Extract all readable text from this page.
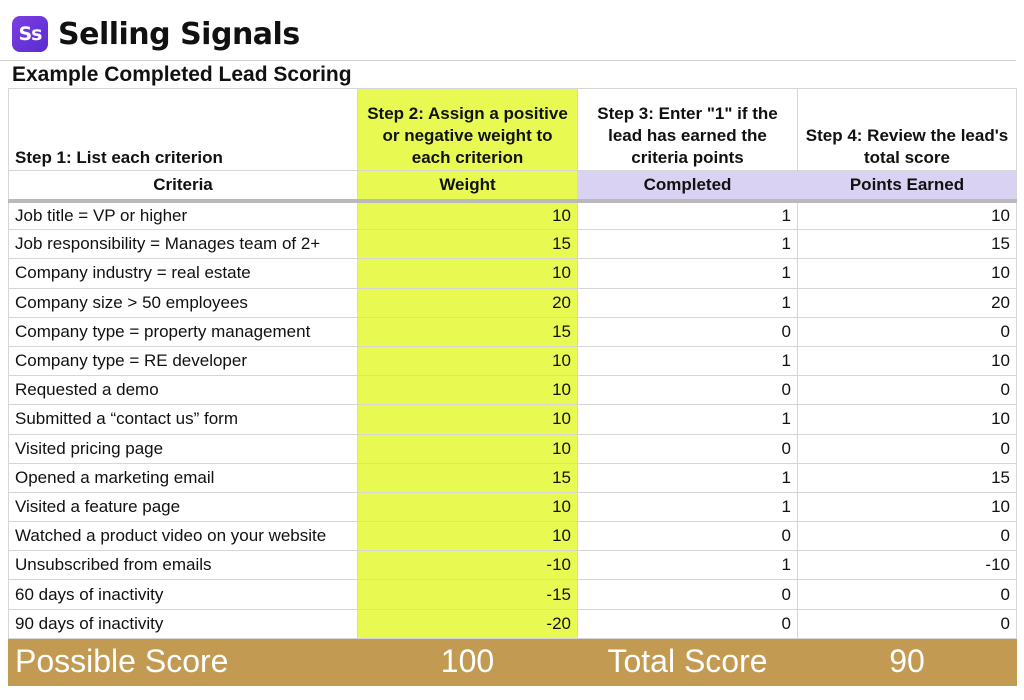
Ss Selling Signals
Example Completed Lead Scoring
Step 1: List each criterion	Step 2: Assign a positive or negative weight to each criterion	Step 3: Enter "1" if the lead has earned the criteria points	Step 4: Review the lead's total score
Criteria	Weight	Completed	Points Earned
Job title = VP or higher	10	1	10
Job responsibility = Manages team of 2+	15	1	15
Company industry = real estate	10	1	10
Company size > 50 employees	20	1	20
Company type = property management	15	0	0
Company type = RE developer	10	1	10
Requested a demo	10	0	0
Submitted a “contact us” form	10	1	10
Visited pricing page	10	0	0
Opened a marketing email	15	1	15
Visited a feature page	10	1	10
Watched a product video on your website	10	0	0
Unsubscribed from emails	-10	1	-10
60 days of inactivity	-15	0	0
90 days of inactivity	-20	0	0
Possible Score	100	Total Score	90
